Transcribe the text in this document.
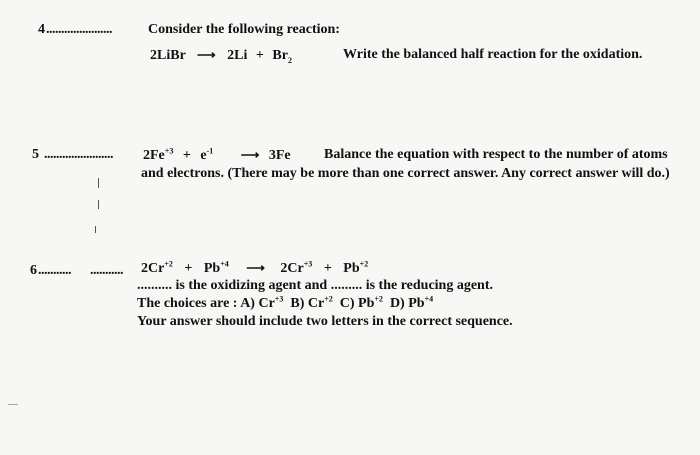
4 ......................	Consider the following reaction:
2LiBr ⟶ $2Li + Br_2$	Write the balanced half reaction for the oxidation.
5 ....................... $2Fe^{+3} + e^{-1}$ ⟶ 3Fe Balance the equation with respect to the number of atoms
and electrons. (There may be more than one correct answer. Any correct answer will do.)
6 ........... ........... $2Cr^{+2} + Pb^{+4}$ ⟶ $2Cr^{+3} + Pb^{+2}$
.......... is the oxidizing agent and ......... is the reducing agent.
The choices are : A) $Cr^{+3}$ B) $Cr^{+2}$ C) $Pb^{+2}$ D) $Pb^{+4}$
Your answer should include two letters in the correct sequence.
